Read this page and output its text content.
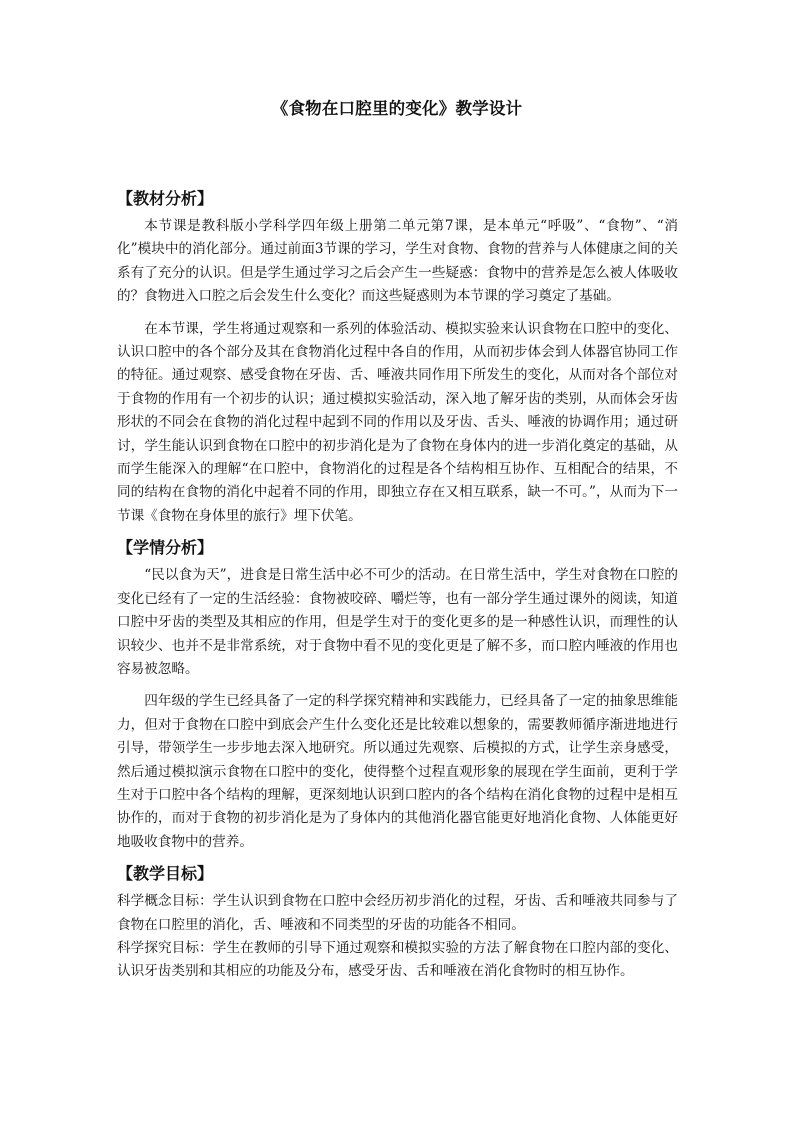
《食物在口腔里的变化》教学设计
【教材分析】

本节课是教科版小学科学四年级上册第二单元第7课，是本单元“呼吸”、“食物”、“消化”模块中的消化部分。通过前面3节课的学习，学生对食物、食物的营养与人体健康之间的关系有了充分的认识。但是学生通过学习之后会产生一些疑惑：食物中的营养是怎么被人体吸收的？食物进入口腔之后会发生什么变化？而这些疑惑则为本节课的学习奠定了基础。

在本节课，学生将通过观察和一系列的体验活动、模拟实验来认识食物在口腔中的变化、认识口腔中的各个部分及其在食物消化过程中各自的作用，从而初步体会到人体器官协同工作的特征。通过观察、感受食物在牙齿、舌、唾液共同作用下所发生的变化，从而对各个部位对于食物的作用有一个初步的认识；通过模拟实验活动，深入地了解牙齿的类别，从而体会牙齿形状的不同会在食物的消化过程中起到不同的作用以及牙齿、舌头、唾液的协调作用；通过研讨，学生能认识到食物在口腔中的初步消化是为了食物在身体内的进一步消化奠定的基础，从而学生能深入的理解“在口腔中，食物消化的过程是各个结构相互协作、互相配合的结果，不同的结构在食物的消化中起着不同的作用，即独立存在又相互联系，缺一不可。”，从而为下一节课《食物在身体里的旅行》埋下伏笔。

【学情分析】

“民以食为天”，进食是日常生活中必不可少的活动。在日常生活中，学生对食物在口腔的变化已经有了一定的生活经验：食物被咬碎、嚼烂等，也有一部分学生通过课外的阅读，知道口腔中牙齿的类型及其相应的作用，但是学生对于的变化更多的是一种感性认识，而理性的认识较少、也并不是非常系统，对于食物中看不见的变化更是了解不多，而口腔内唾液的作用也容易被忽略。

四年级的学生已经具备了一定的科学探究精神和实践能力，已经具备了一定的抽象思维能力，但对于食物在口腔中到底会产生什么变化还是比较难以想象的，需要教师循序渐进地进行引导，带领学生一步步地去深入地研究。所以通过先观察、后模拟的方式，让学生亲身感受，然后通过模拟演示食物在口腔中的变化，使得整个过程直观形象的展现在学生面前，更利于学生对于口腔中各个结构的理解，更深刻地认识到口腔内的各个结构在消化食物的过程中是相互协作的，而对于食物的初步消化是为了身体内的其他消化器官能更好地消化食物、人体能更好地吸收食物中的营养。

【教学目标】

科学概念目标：学生认识到食物在口腔中会经历初步消化的过程，牙齿、舌和唾液共同参与了食物在口腔里的消化，舌、唾液和不同类型的牙齿的功能各不相同。

科学探究目标：学生在教师的引导下通过观察和模拟实验的方法了解食物在口腔内部的变化、认识牙齿类别和其相应的功能及分布，感受牙齿、舌和唾液在消化食物时的相互协作。
